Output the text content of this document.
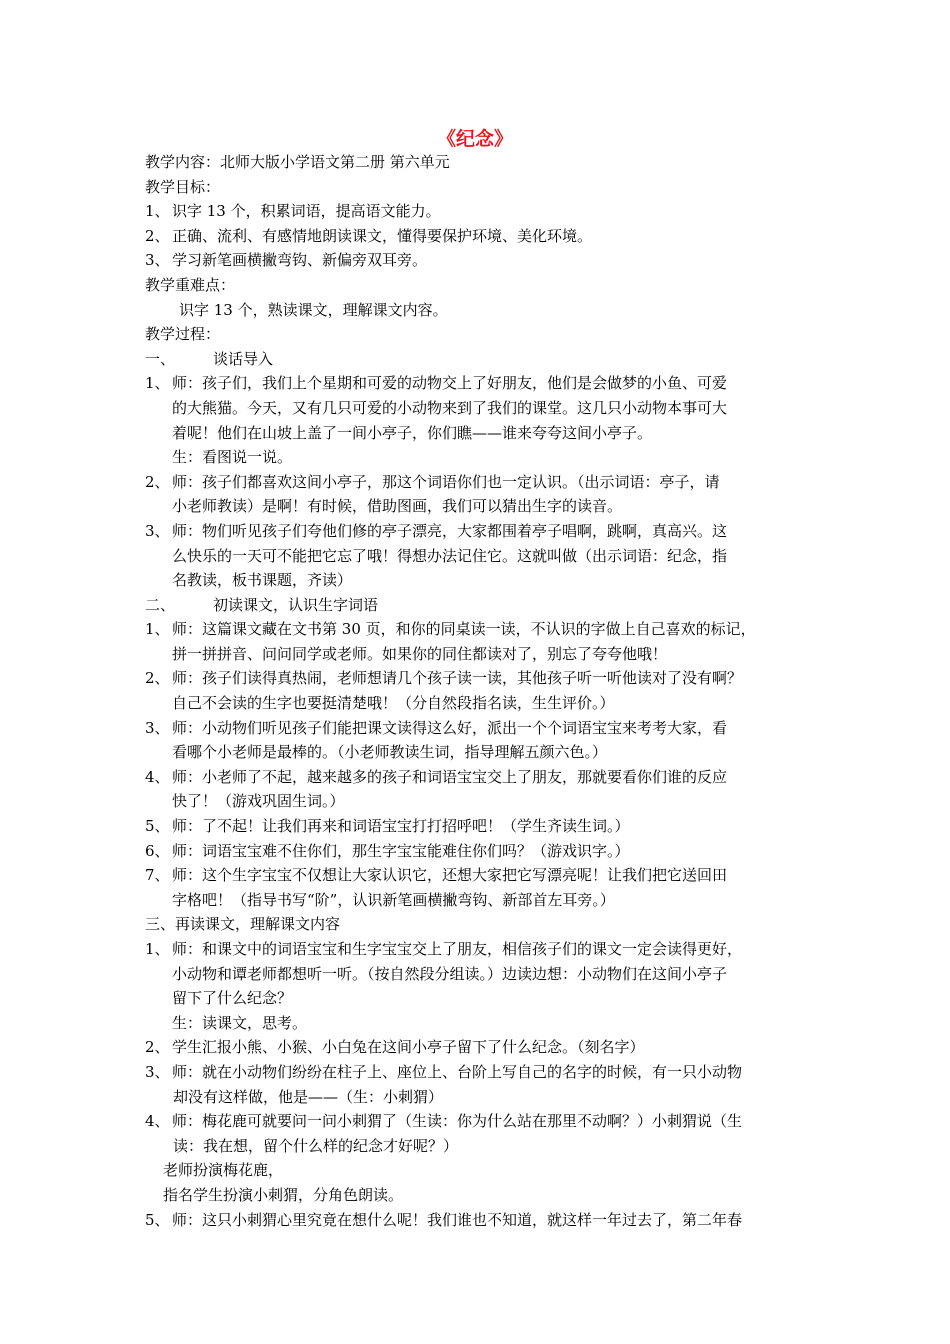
《纪念》
教学内容：北师大版小学语文第二册 第六单元
教学目标：
1、 识字 13 个，积累词语，提高语文能力。
2、 正确、流利、有感情地朗读课文，懂得要保护环境、美化环境。
3、 学习新笔画横撇弯钩、新偏旁双耳旁。
教学重难点：
识字 13 个，熟读课文，理解课文内容。
教学过程：
一、	谈话导入
1、 师：孩子们，我们上个星期和可爱的动物交上了好朋友，他们是会做梦的小鱼、可爱
的大熊猫。今天，又有几只可爱的小动物来到了我们的课堂。这几只小动物本事可大
着呢！他们在山坡上盖了一间小亭子，你们瞧——谁来夸夸这间小亭子。
生：看图说一说。
2、 师：孩子们都喜欢这间小亭子，那这个词语你们也一定认识。（出示词语：亭子，请
小老师教读）是啊！有时候，借助图画，我们可以猜出生字的读音。
3、 师：物们听见孩子们夸他们修的亭子漂亮，大家都围着亭子唱啊，跳啊，真高兴。这
么快乐的一天可不能把它忘了哦！得想办法记住它。这就叫做（出示词语：纪念，指
名教读，板书课题，齐读）
二、	初读课文，认识生字词语
1、 师：这篇课文藏在文书第 30 页，和你的同桌读一读，不认识的字做上自己喜欢的标记，
拼一拼拼音、问问同学或老师。如果你的同住都读对了，别忘了夸夸他哦！
2、 师：孩子们读得真热闹，老师想请几个孩子读一读，其他孩子听一听他读对了没有啊？
自己不会读的生字也要挺清楚哦！（分自然段指名读，生生评价。）
3、 师：小动物们听见孩子们能把课文读得这么好，派出一个个词语宝宝来考考大家，看
看哪个小老师是最棒的。（小老师教读生词，指导理解五颜六色。）
4、 师：小老师了不起，越来越多的孩子和词语宝宝交上了朋友，那就要看你们谁的反应
快了！（游戏巩固生词。）
5、 师：了不起！让我们再来和词语宝宝打打招呼吧！（学生齐读生词。）
6、 师：词语宝宝难不住你们，那生字宝宝能难住你们吗？（游戏识字。）
7、 师：这个生字宝宝不仅想让大家认识它，还想大家把它写漂亮呢！让我们把它送回田
字格吧！（指导书写“阶”，认识新笔画横撇弯钩、新部首左耳旁。）
三、再读课文，理解课文内容
1、 师：和课文中的词语宝宝和生字宝宝交上了朋友，相信孩子们的课文一定会读得更好，
小动物和谭老师都想听一听。（按自然段分组读。）边读边想：小动物们在这间小亭子
留下了什么纪念？
生：读课文，思考。
2、 学生汇报小熊、小猴、小白兔在这间小亭子留下了什么纪念。（刻名字）
3、 师：就在小动物们纷纷在柱子上、座位上、台阶上写自己的名字的时候，有一只小动物
却没有这样做，他是——（生：小刺猬）
4、 师：梅花鹿可就要问一问小刺猬了（生读：你为什么站在那里不动啊？）小刺猬说（生
读：我在想，留个什么样的纪念才好呢？）
老师扮演梅花鹿，
指名学生扮演小刺猬，分角色朗读。
5、 师：这只小刺猬心里究竟在想什么呢！我们谁也不知道，就这样一年过去了，第二年春
